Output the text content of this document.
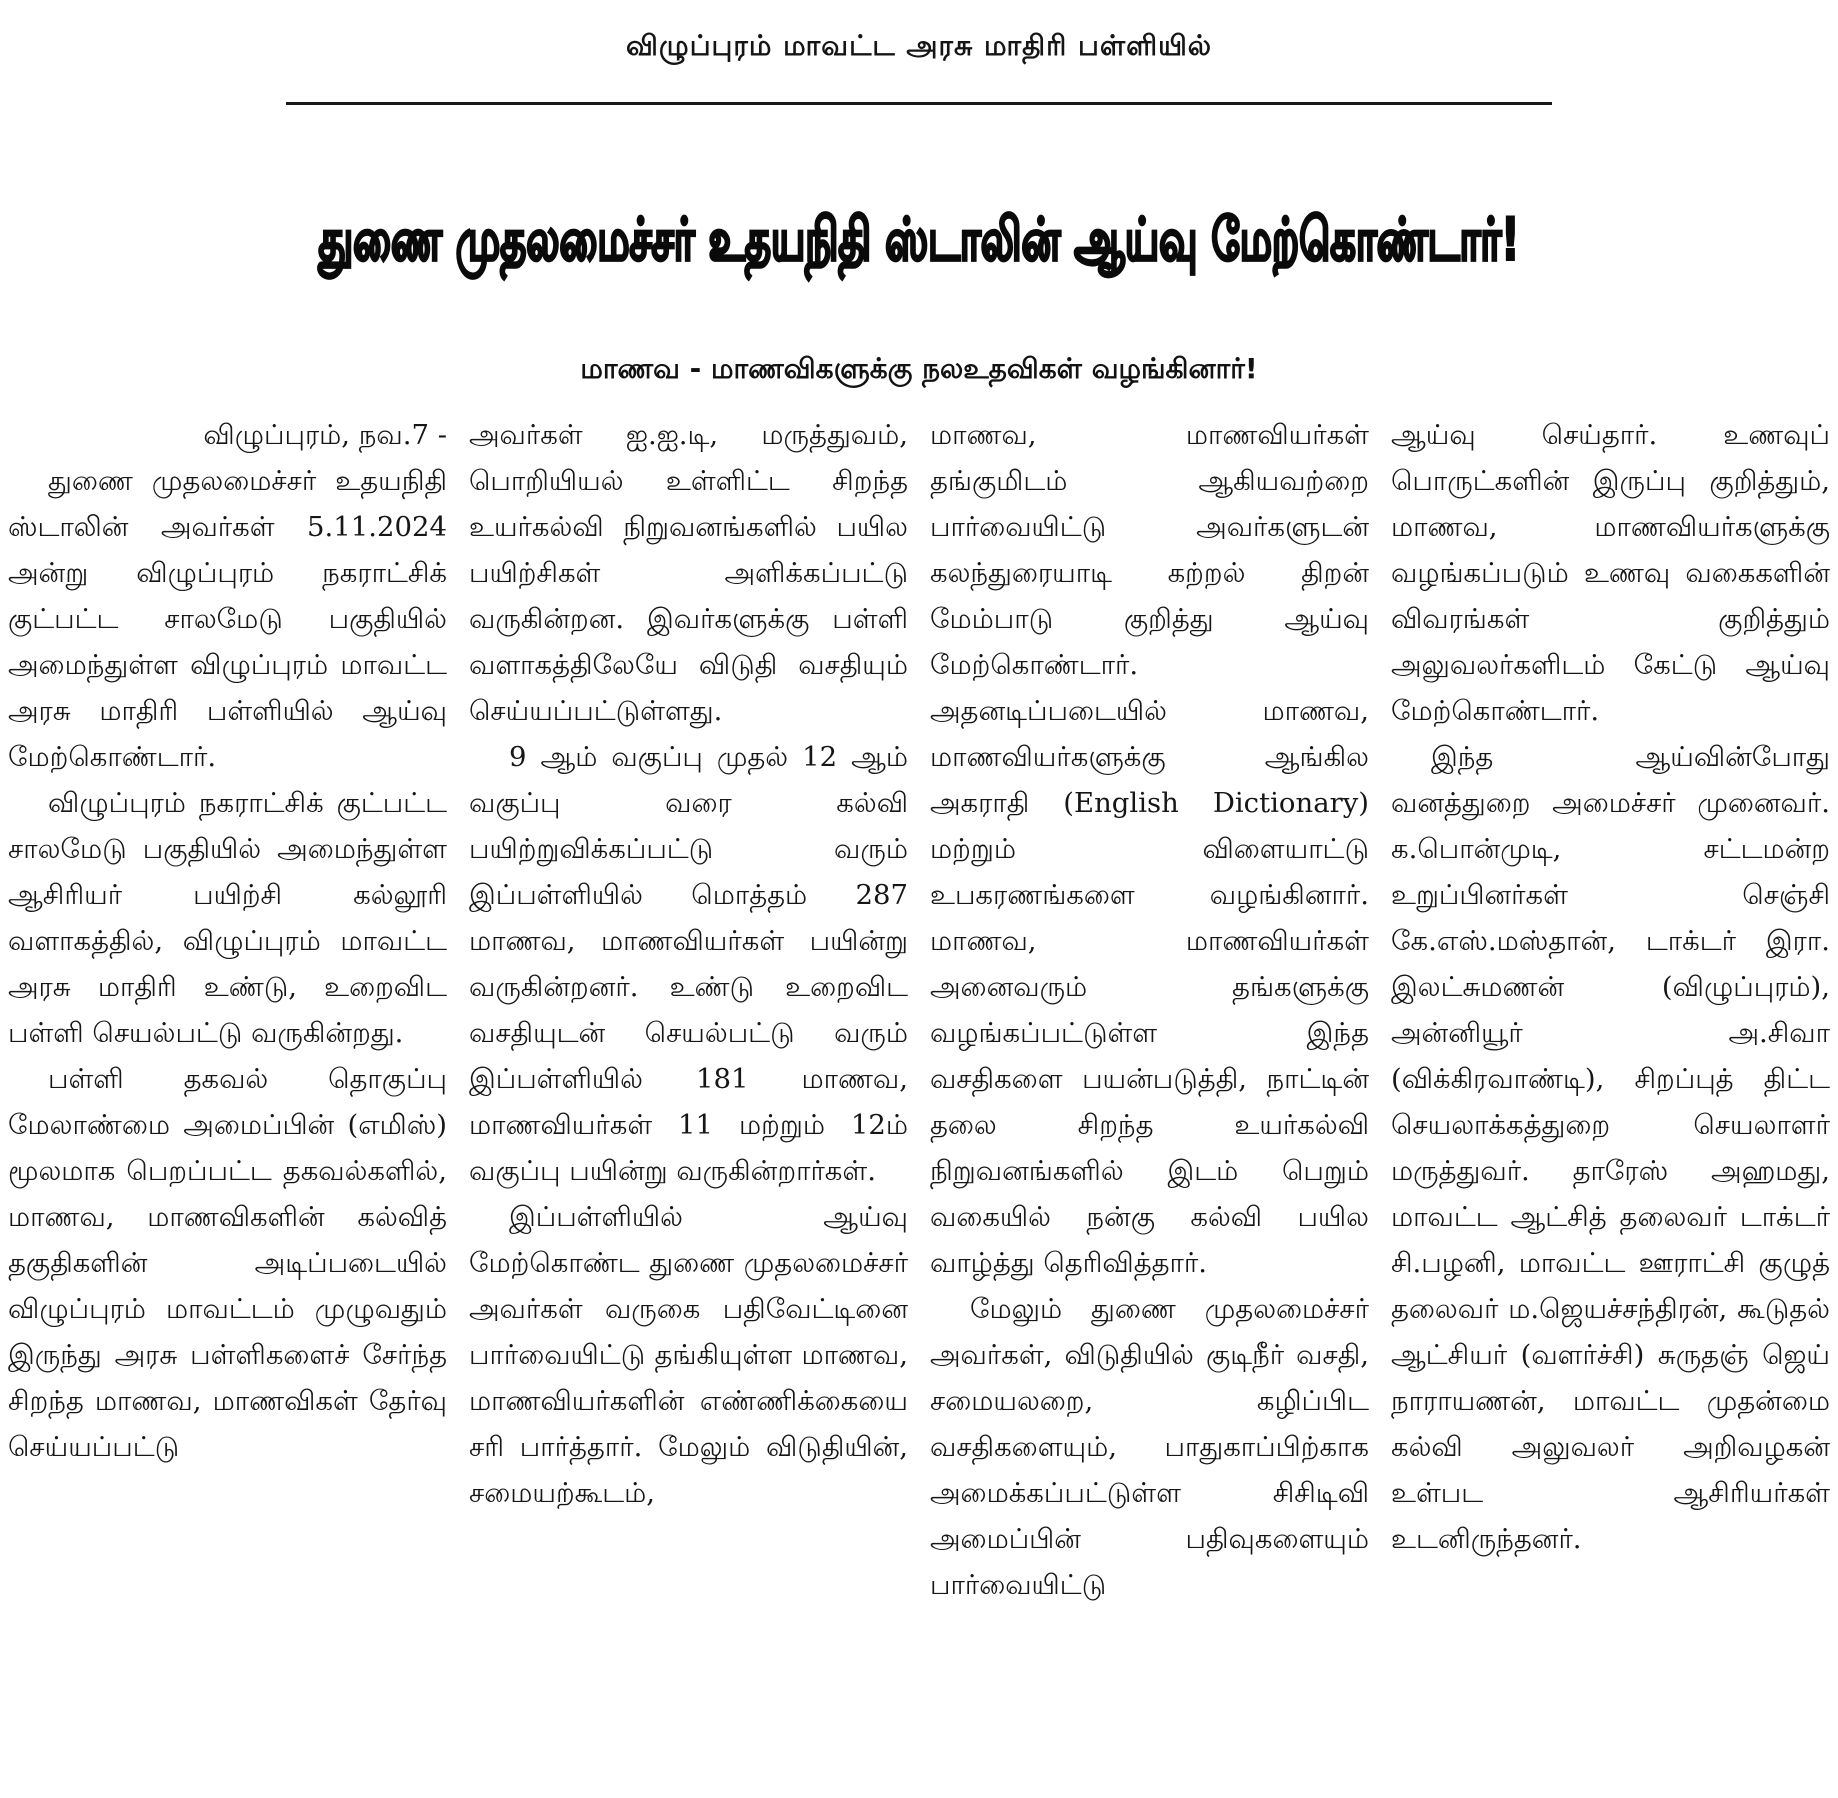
விழுப்புரம் மாவட்ட அரசு மாதிரி பள்ளியில்
துணை முதலமைச்சர் உதயநிதி ஸ்டாலின் ஆய்வு மேற்கொண்டார்!
மாணவ - மாணவிகளுக்கு நலஉதவிகள் வழங்கினார்!

விழுப்புரம், நவ.7 -

துணை முதலமைச்சர் உதயநிதி ஸ்டாலின் அவர்கள் 5.11.2024 அன்று விழுப்புரம் நகராட்சிக் குட்பட்ட சாலமேடு பகுதியில் அமைந்துள்ள விழுப்புரம் மாவட்ட அரசு மாதிரி பள்ளியில் ஆய்வு மேற்கொண்டார்.

விழுப்புரம் நகராட்சிக் குட்பட்ட சாலமேடு பகுதியில் அமைந்துள்ள ஆசிரியர் பயிற்சி கல்லூரி வளாகத்தில், விழுப்புரம் மாவட்ட அரசு மாதிரி உண்டு, உறைவிட பள்ளி செயல்பட்டு வருகின்றது.

பள்ளி தகவல் தொகுப்பு மேலாண்மை அமைப்பின் (எமிஸ்) மூலமாக பெறப்பட்ட தகவல்களில், மாணவ, மாணவிகளின் கல்வித் தகுதிகளின் அடிப்படையில் விழுப்புரம் மாவட்டம் முழுவதும் இருந்து அரசு பள்ளிகளைச் சேர்ந்த சிறந்த மாணவ, மாணவிகள் தேர்வு செய்யப்பட்டு

அவர்கள் ஐ.ஐ.டி, மருத்துவம், பொறியியல் உள்ளிட்ட சிறந்த உயர்கல்வி நிறுவனங்களில் பயில பயிற்சிகள் அளிக்கப்பட்டு வருகின்றன. இவர்களுக்கு பள்ளி வளாகத்திலேயே விடுதி வசதியும் செய்யப்பட்டுள்ளது.

9 ஆம் வகுப்பு முதல் 12 ஆம் வகுப்பு வரை கல்வி பயிற்றுவிக்கப்பட்டு வரும் இப்பள்ளியில் மொத்தம் 287 மாணவ, மாணவியர்கள் பயின்று வருகின்றனர். உண்டு உறைவிட வசதியுடன் செயல்பட்டு வரும் இப்பள்ளியில் 181 மாணவ, மாணவியர்கள் 11 மற்றும் 12ம் வகுப்பு பயின்று வருகின்றார்கள்.

இப்பள்ளியில் ஆய்வு மேற்கொண்ட துணை முதலமைச்சர் அவர்கள் வருகை பதிவேட்டினை பார்வையிட்டு தங்கியுள்ள மாணவ, மாணவியர்களின் எண்ணிக்கையை சரி பார்த்தார். மேலும் விடுதியின், சமையற்கூடம்,

மாணவ, மாணவியர்கள் தங்குமிடம் ஆகியவற்றை பார்வையிட்டு அவர்களுடன் கலந்துரையாடி கற்றல் திறன் மேம்பாடு குறித்து ஆய்வு மேற்கொண்டார். அதனடிப்படையில் மாணவ, மாணவியர்களுக்கு ஆங்கில அகராதி (English Dictionary) மற்றும் விளையாட்டு உபகரணங்களை வழங்கினார். மாணவ, மாணவியர்கள் அனைவரும் தங்களுக்கு வழங்கப்பட்டுள்ள இந்த வசதிகளை பயன்படுத்தி, நாட்டின் தலை சிறந்த உயர்கல்வி நிறுவனங்களில் இடம் பெறும் வகையில் நன்கு கல்வி பயில வாழ்த்து தெரிவித்தார்.

மேலும் துணை முதலமைச்சர் அவர்கள், விடுதியில் குடிநீர் வசதி, சமையலறை, கழிப்பிட வசதிகளையும், பாதுகாப்பிற்காக அமைக்கப்பட்டுள்ள சிசிடிவி அமைப்பின் பதிவுகளையும் பார்வையிட்டு

ஆய்வு செய்தார். உணவுப் பொருட்களின் இருப்பு குறித்தும், மாணவ, மாணவியர்களுக்கு வழங்கப்படும் உணவு வகைகளின் விவரங்கள் குறித்தும் அலுவலர்களிடம் கேட்டு ஆய்வு மேற்கொண்டார்.

இந்த ஆய்வின்போது வனத்துறை அமைச்சர் முனைவர். க.பொன்முடி, சட்டமன்ற உறுப்பினர்கள் செஞ்சி கே.எஸ்.மஸ்தான், டாக்டர் இரா. இலட்சுமணன் (விழுப்புரம்), அன்னியூர் அ.சிவா (விக்கிரவாண்டி), சிறப்புத் திட்ட செயலாக்கத்துறை செயலாளர் மருத்துவர். தாரேஸ் அஹமது, மாவட்ட ஆட்சித் தலைவர் டாக்டர் சி.பழனி, மாவட்ட ஊராட்சி குழுத் தலைவர் ம.ஜெயச்சந்திரன், கூடுதல் ஆட்சியர் (வளர்ச்சி) சுருதஞ் ஜெய் நாராயணன், மாவட்ட முதன்மை கல்வி அலுவலர் அறிவழகன் உள்பட ஆசிரியர்கள் உடனிருந்தனர்.
